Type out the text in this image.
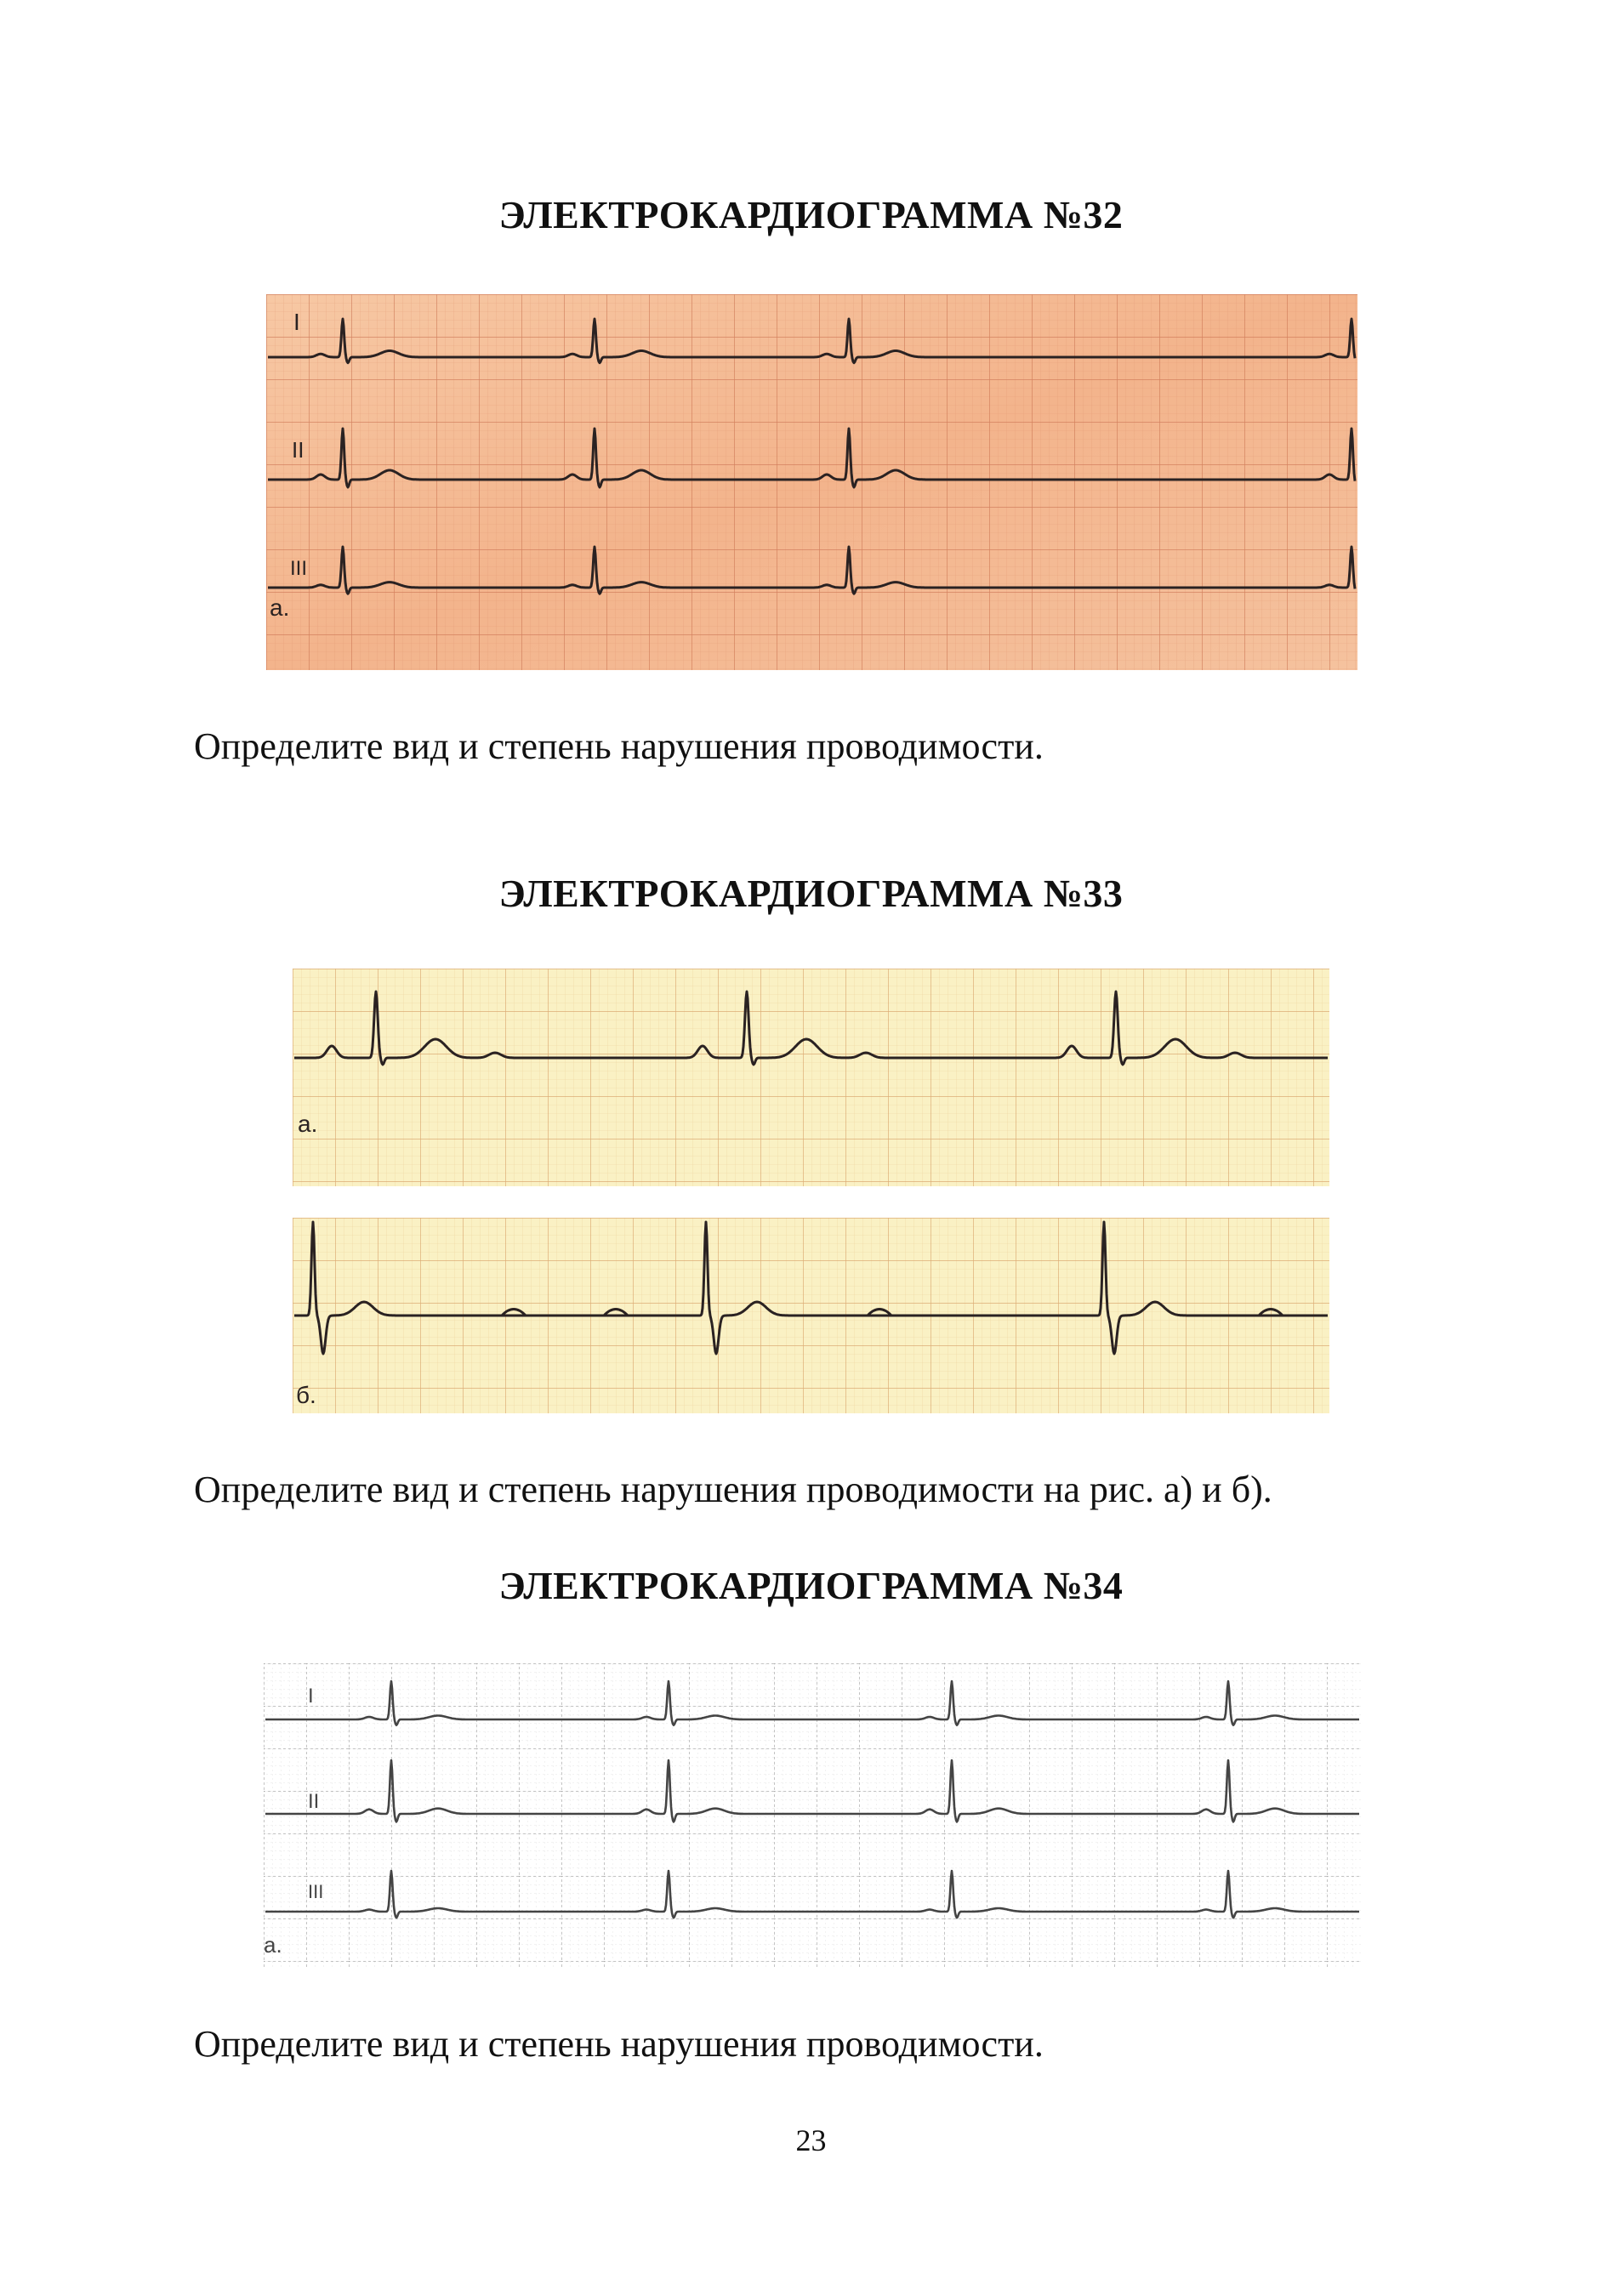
ЭЛЕКТРОКАРДИОГРАММА №32
I
II
III
a.

Определите вид и степень нарушения проводимости.

ЭЛЕКТРОКАРДИОГРАММА №33
a.
б.

Определите вид и степень нарушения проводимости на рис. а) и б).

ЭЛЕКТРОКАРДИОГРАММА №34
I
II
III
a.

Определите вид и степень нарушения проводимости.

23
